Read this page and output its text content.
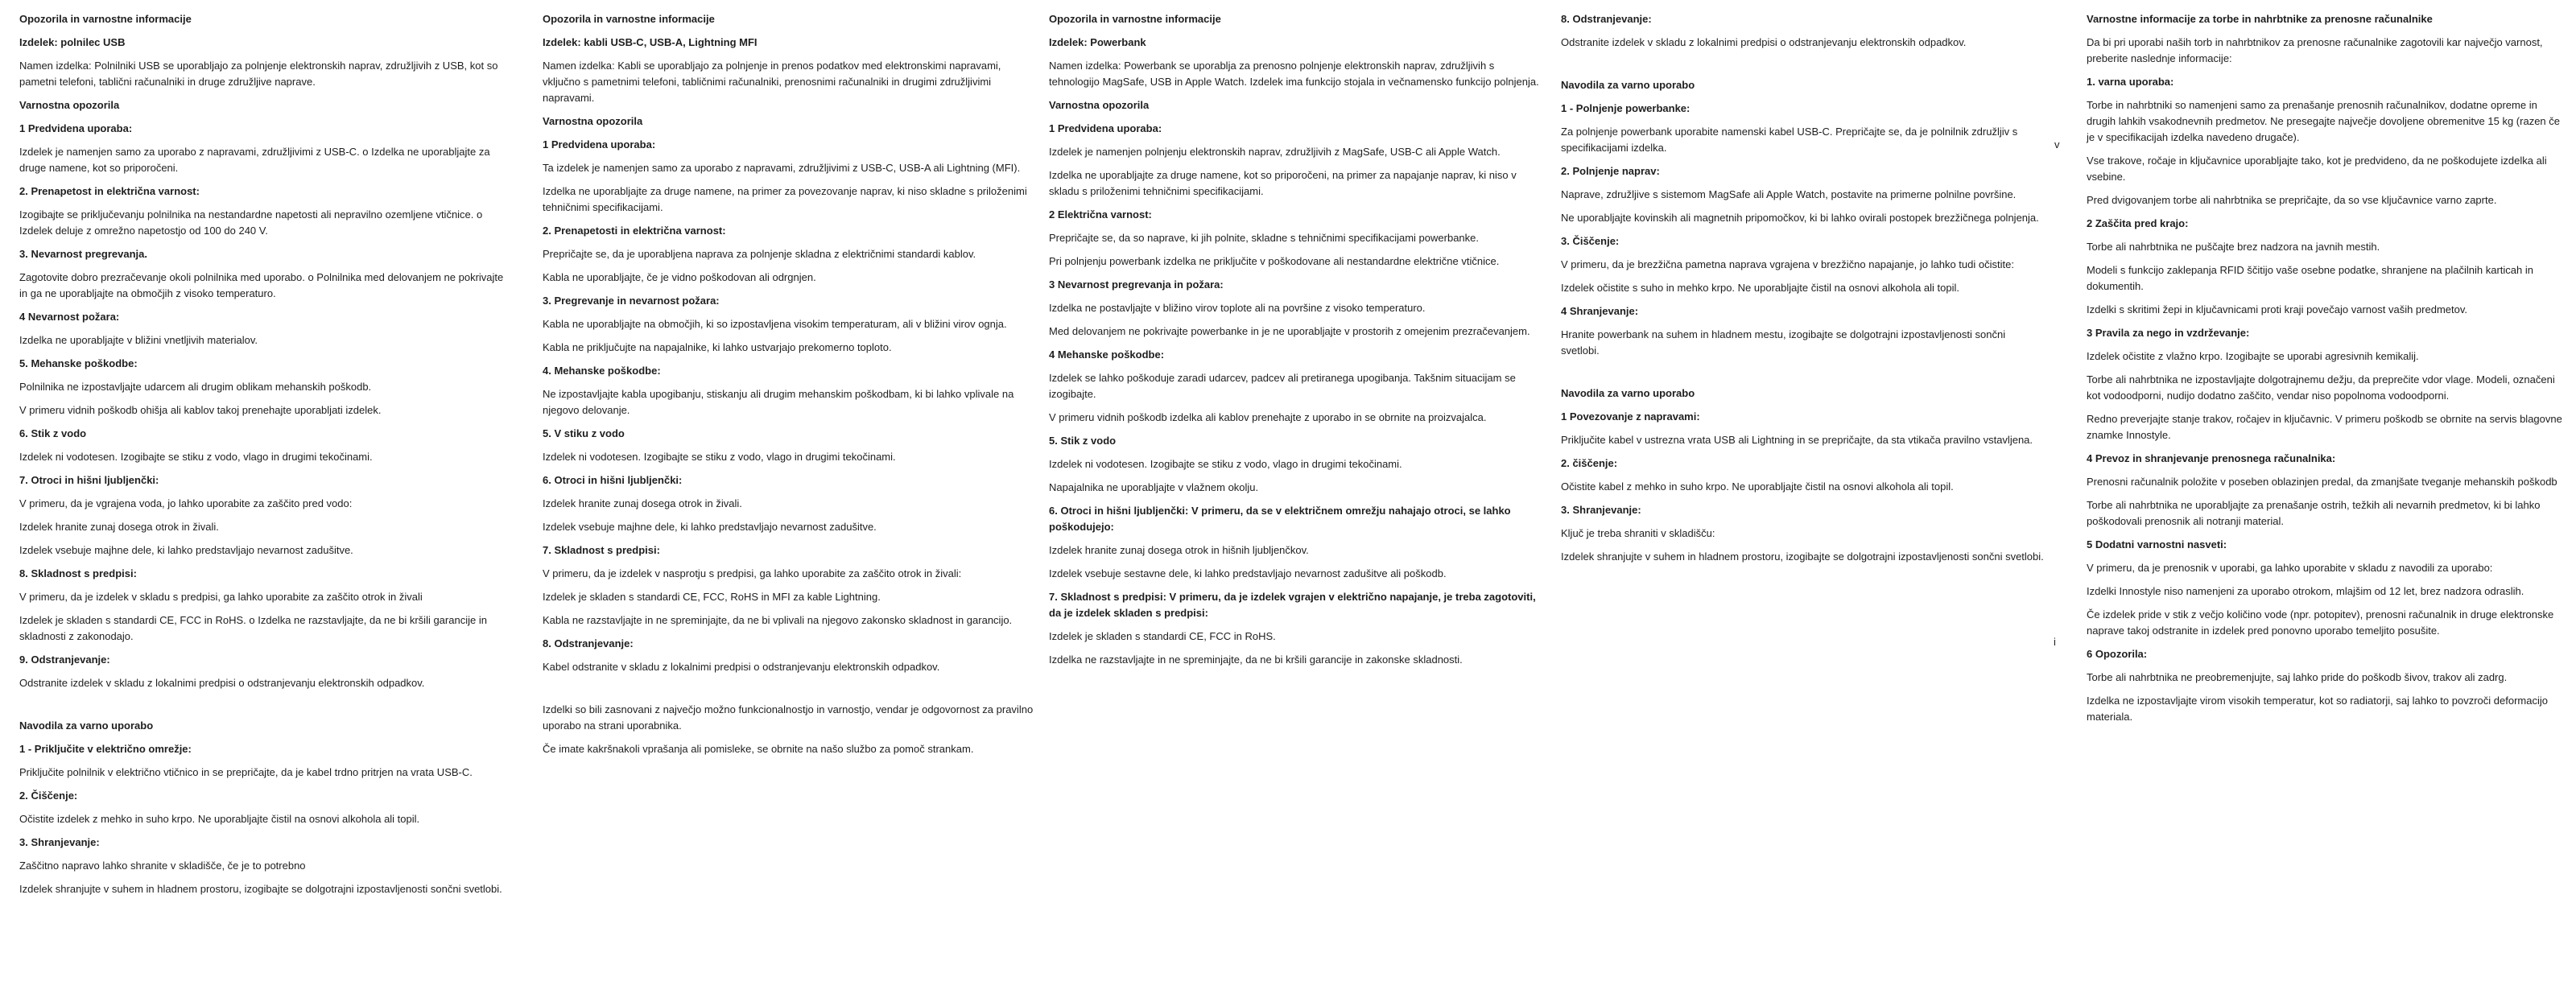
Opozorila in varnostne informacije

Izdelek: polnilec USB

Namen izdelka: Polnilniki USB se uporabljajo za polnjenje elektronskih naprav, združljivih z USB, kot so pametni telefoni, tablični računalniki in druge združljive naprave.

Varnostna opozorila

1 Predvidena uporaba:

Izdelek je namenjen samo za uporabo z napravami, združljivimi z USB-C. o Izdelka ne uporabljajte za druge namene, kot so priporočeni.

2. Prenapetost in električna varnost:

Izogibajte se priključevanju polnilnika na nestandardne napetosti ali nepravilno ozemljene vtičnice. o Izdelek deluje z omrežno napetostjo od 100 do 240 V.

3. Nevarnost pregrevanja.

Zagotovite dobro prezračevanje okoli polnilnika med uporabo. o Polnilnika med delovanjem ne pokrivajte in ga ne uporabljajte na območjih z visoko temperaturo.

4 Nevarnost požara:

Izdelka ne uporabljajte v bližini vnetljivih materialov.

5. Mehanske poškodbe:

Polnilnika ne izpostavljajte udarcem ali drugim oblikam mehanskih poškodb.

V primeru vidnih poškodb ohišja ali kablov takoj prenehajte uporabljati izdelek.

6. Stik z vodo

Izdelek ni vodotesen. Izogibajte se stiku z vodo, vlago in drugimi tekočinami.

7. Otroci in hišni ljubljenčki:

V primeru, da je vgrajena voda, jo lahko uporabite za zaščito pred vodo:

Izdelek hranite zunaj dosega otrok in živali.

Izdelek vsebuje majhne dele, ki lahko predstavljajo nevarnost zadušitve.

8. Skladnost s predpisi:

V primeru, da je izdelek v skladu s predpisi, ga lahko uporabite za zaščito otrok in živali

Izdelek je skladen s standardi CE, FCC in RoHS. o Izdelka ne razstavljajte, da ne bi kršili garancije in skladnosti z zakonodajo.

9. Odstranjevanje:

Odstranite izdelek v skladu z lokalnimi predpisi o odstranjevanju elektronskih odpadkov.

Navodila za varno uporabo

1 - Priključite v električno omrežje:

Priključite polnilnik v električno vtičnico in se prepričajte, da je kabel trdno pritrjen na vrata USB-C.

2. Čiščenje:

Očistite izdelek z mehko in suho krpo. Ne uporabljajte čistil na osnovi alkohola ali topil.

3. Shranjevanje:

Zaščitno napravo lahko shranite v skladišče, če je to potrebno

Izdelek shranjujte v suhem in hladnem prostoru, izogibajte se dolgotrajni izpostavljenosti sončni svetlobi.

Opozorila in varnostne informacije

Izdelek: kabli USB-C, USB-A, Lightning MFI

Namen izdelka: Kabli se uporabljajo za polnjenje in prenos podatkov med elektronskimi napravami, vključno s pametnimi telefoni, tabličnimi računalniki, prenosnimi računalniki in drugimi združljivimi napravami.

Varnostna opozorila

1 Predvidena uporaba:

Ta izdelek je namenjen samo za uporabo z napravami, združljivimi z USB-C, USB-A ali Lightning (MFI).

Izdelka ne uporabljajte za druge namene, na primer za povezovanje naprav, ki niso skladne s priloženimi tehničnimi specifikacijami.

2. Prenapetosti in električna varnost:

Prepričajte se, da je uporabljena naprava za polnjenje skladna z električnimi standardi kablov.

Kabla ne uporabljajte, če je vidno poškodovan ali odrgnjen.

3. Pregrevanje in nevarnost požara:

Kabla ne uporabljajte na območjih, ki so izpostavljena visokim temperaturam, ali v bližini virov ognja.

Kabla ne priključujte na napajalnike, ki lahko ustvarjajo prekomerno toploto.

4. Mehanske poškodbe:

Ne izpostavljajte kabla upogibanju, stiskanju ali drugim mehanskim poškodbam, ki bi lahko vplivale na njegovo delovanje.

5. V stiku z vodo

Izdelek ni vodotesen. Izogibajte se stiku z vodo, vlago in drugimi tekočinami.

6. Otroci in hišni ljubljenčki:

Izdelek hranite zunaj dosega otrok in živali.

Izdelek vsebuje majhne dele, ki lahko predstavljajo nevarnost zadušitve.

7. Skladnost s predpisi:

V primeru, da je izdelek v nasprotju s predpisi, ga lahko uporabite za zaščito otrok in živali:

Izdelek je skladen s standardi CE, FCC, RoHS in MFI za kable Lightning.

Kabla ne razstavljajte in ne spreminjajte, da ne bi vplivali na njegovo zakonsko skladnost in garancijo.

8. Odstranjevanje:

Kabel odstranite v skladu z lokalnimi predpisi o odstranjevanju elektronskih odpadkov.

Izdelki so bili zasnovani z največjo možno funkcionalnostjo in varnostjo, vendar je odgovornost za pravilno uporabo na strani uporabnika.

Če imate kakršnakoli vprašanja ali pomisleke, se obrnite na našo službo za pomoč strankam.

Opozorila in varnostne informacije

Izdelek: Powerbank

Namen izdelka: Powerbank se uporablja za prenosno polnjenje elektronskih naprav, združljivih s tehnologijo MagSafe, USB in Apple Watch. Izdelek ima funkcijo stojala in večnamensko funkcijo polnjenja.

Varnostna opozorila

1 Predvidena uporaba:

Izdelek je namenjen polnjenju elektronskih naprav, združljivih z MagSafe, USB-C ali Apple Watch.

Izdelka ne uporabljajte za druge namene, kot so priporočeni, na primer za napajanje naprav, ki niso v skladu s priloženimi tehničnimi specifikacijami.

2 Električna varnost:

Prepričajte se, da so naprave, ki jih polnite, skladne s tehničnimi specifikacijami powerbanke.

Pri polnjenju powerbank izdelka ne priključite v poškodovane ali nestandardne električne vtičnice.

3 Nevarnost pregrevanja in požara:

Izdelka ne postavljajte v bližino virov toplote ali na površine z visoko temperaturo.

Med delovanjem ne pokrivajte powerbanke in je ne uporabljajte v prostorih z omejenim prezračevanjem.

4 Mehanske poškodbe:

Izdelek se lahko poškoduje zaradi udarcev, padcev ali pretiranega upogibanja. Takšnim situacijam se izogibajte.

V primeru vidnih poškodb izdelka ali kablov prenehajte z uporabo in se obrnite na proizvajalca.

5. Stik z vodo

Izdelek ni vodotesen. Izogibajte se stiku z vodo, vlago in drugimi tekočinami.

Napajalnika ne uporabljajte v vlažnem okolju.

6. Otroci in hišni ljubljenčki: V primeru, da se v električnem omrežju nahajajo otroci, se lahko poškodujejo:

Izdelek hranite zunaj dosega otrok in hišnih ljubljenčkov.

Izdelek vsebuje sestavne dele, ki lahko predstavljajo nevarnost zadušitve ali poškodb.

7. Skladnost s predpisi: V primeru, da je izdelek vgrajen v električno napajanje, je treba zagotoviti, da je izdelek skladen s predpisi:

Izdelek je skladen s standardi CE, FCC in RoHS.

Izdelka ne razstavljajte in ne spreminjajte, da ne bi kršili garancije in zakonske skladnosti.

8. Odstranjevanje:

Odstranite izdelek v skladu z lokalnimi predpisi o odstranjevanju elektronskih odpadkov.

Navodila za varno uporabo

1 - Polnjenje powerbanke:

Za polnjenje powerbank uporabite namenski kabel USB-C. Prepričajte se, da je polnilnik združljiv s specifikacijami izdelka.

2. Polnjenje naprav:

Naprave, združljive s sistemom MagSafe ali Apple Watch, postavite na primerne polnilne površine.

Ne uporabljajte kovinskih ali magnetnih pripomočkov, ki bi lahko ovirali postopek brezžičnega polnjenja.

3. Čiščenje:

V primeru, da je brezžična pametna naprava vgrajena v brezžično napajanje, jo lahko tudi očistite:

Izdelek očistite s suho in mehko krpo. Ne uporabljajte čistil na osnovi alkohola ali topil.

4 Shranjevanje:

Hranite powerbank na suhem in hladnem mestu, izogibajte se dolgotrajni izpostavljenosti sončni svetlobi.

Navodila za varno uporabo

1 Povezovanje z napravami:

Priključite kabel v ustrezna vrata USB ali Lightning in se prepričajte, da sta vtikača pravilno vstavljena.

2. čiščenje:

Očistite kabel z mehko in suho krpo. Ne uporabljajte čistil na osnovi alkohola ali topil.

3. Shranjevanje:

Ključ je treba shraniti v skladišču:

Izdelek shranjujte v suhem in hladnem prostoru, izogibajte se dolgotrajni izpostavljenosti sončni svetlobi.

Varnostne informacije za torbe in nahrbtnike za prenosne računalnike

Da bi pri uporabi naših torb in nahrbtnikov za prenosne računalnike zagotovili kar največjo varnost, preberite naslednje informacije:

1. varna uporaba:

Torbe in nahrbtniki so namenjeni samo za prenašanje prenosnih računalnikov, dodatne opreme in drugih lahkih vsakodnevnih predmetov. Ne presegajte največje dovoljene obremenitve 15 kg (razen če je v specifikacijah izdelka navedeno drugače).

Vse trakove, ročaje in ključavnice uporabljajte tako, kot je predvideno, da ne poškodujete izdelka ali vsebine.

Pred dvigovanjem torbe ali nahrbtnika se prepričajte, da so vse ključavnice varno zaprte.

2 Zaščita pred krajo:

Torbe ali nahrbtnika ne puščajte brez nadzora na javnih mestih.

Modeli s funkcijo zaklepanja RFID ščitijo vaše osebne podatke, shranjene na plačilnih karticah in dokumentih.

Izdelki s skritimi žepi in ključavnicami proti kraji povečajo varnost vaših predmetov.

3 Pravila za nego in vzdrževanje:

Izdelek očistite z vlažno krpo. Izogibajte se uporabi agresivnih kemikalij.

Torbe ali nahrbtnika ne izpostavljajte dolgotrajnemu dežju, da preprečite vdor vlage. Modeli, označeni kot vodoodporni, nudijo dodatno zaščito, vendar niso popolnoma vodoodporni.

Redno preverjajte stanje trakov, ročajev in ključavnic. V primeru poškodb se obrnite na servis blagovne znamke Innostyle.

4 Prevoz in shranjevanje prenosnega računalnika:

Prenosni računalnik položite v poseben oblazinjen predal, da zmanjšate tveganje mehanskih poškodb

Torbe ali nahrbtnika ne uporabljajte za prenašanje ostrih, težkih ali nevarnih predmetov, ki bi lahko poškodovali prenosnik ali notranji material.

5 Dodatni varnostni nasveti:

V primeru, da je prenosnik v uporabi, ga lahko uporabite v skladu z navodili za uporabo:

Izdelki Innostyle niso namenjeni za uporabo otrokom, mlajšim od 12 let, brez nadzora odraslih.

Če izdelek pride v stik z večjo količino vode (npr. potopitev), prenosni računalnik in druge elektronske naprave takoj odstranite in izdelek pred ponovno uporabo temeljito posušite.

6 Opozorila:

Torbe ali nahrbtnika ne preobremenjujte, saj lahko pride do poškodb šivov, trakov ali zadrg.

Izdelka ne izpostavljajte virom visokih temperatur, kot so radiatorji, saj lahko to povzroči deformacijo materiala.

v
i
